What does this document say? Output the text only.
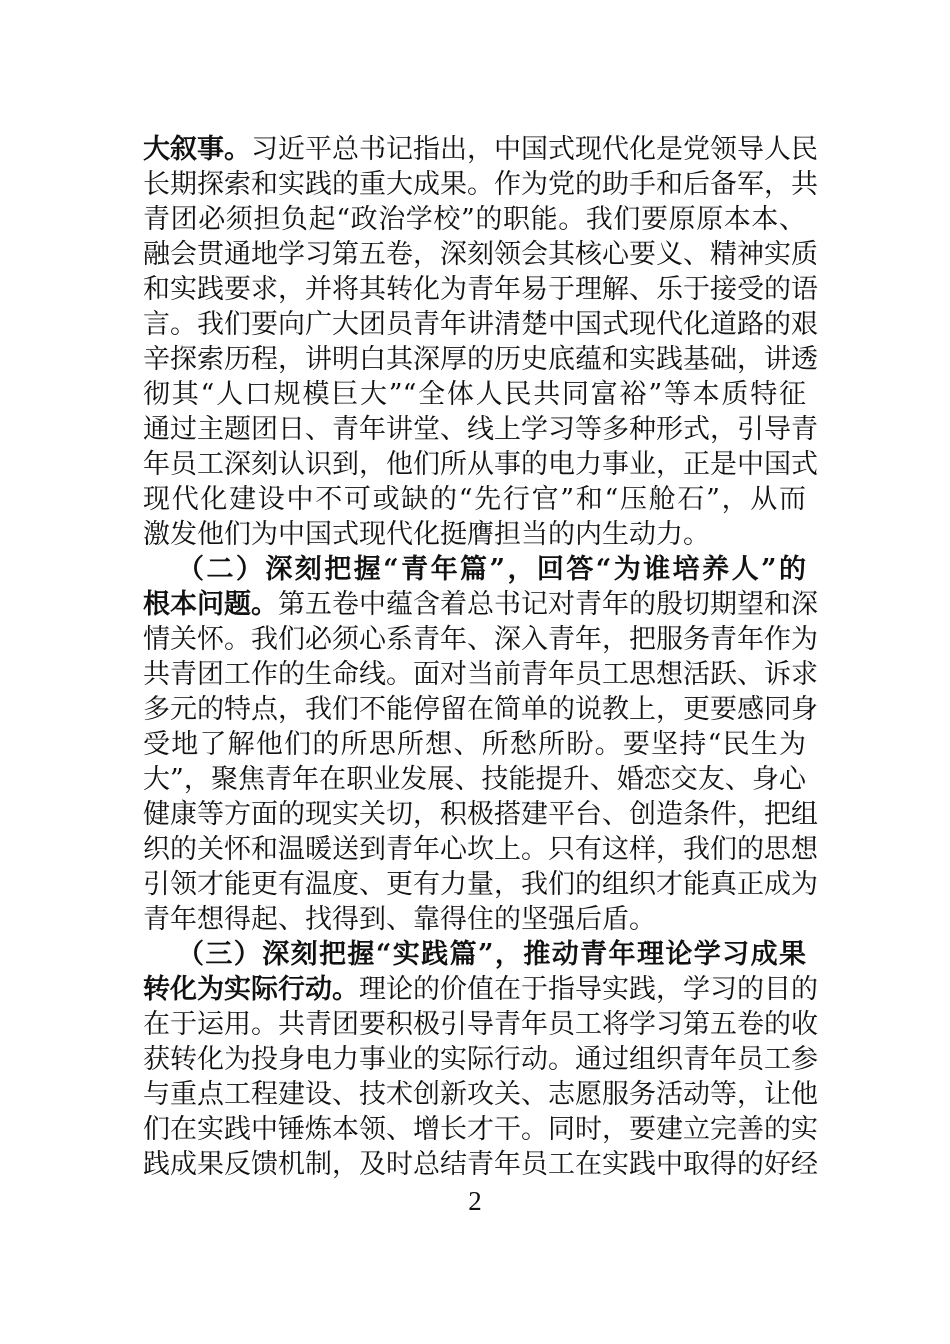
大叙事。习近平总书记指出，中国式现代化是党领导人民
长期探索和实践的重大成果。作为党的助手和后备军，共
青团必须担负起“政治学校”的职能。我们要原原本本、
融会贯通地学习第五卷，深刻领会其核心要义、精神实质
和实践要求，并将其转化为青年易于理解、乐于接受的语
言。我们要向广大团员青年讲清楚中国式现代化道路的艰
辛探索历程，讲明白其深厚的历史底蕴和实践基础，讲透
彻其“人口规模巨大”“全体人民共同富裕”等本质特征
通过主题团日、青年讲堂、线上学习等多种形式，引导青
年员工深刻认识到，他们所从事的电力事业，正是中国式
现代化建设中不可或缺的“先行官”和“压舱石”，从而
激发他们为中国式现代化挺膺担当的内生动力。
（二）深刻把握“青年篇”，回答“为谁培养人”的
根本问题。第五卷中蕴含着总书记对青年的殷切期望和深
情关怀。我们必须心系青年、深入青年，把服务青年作为
共青团工作的生命线。面对当前青年员工思想活跃、诉求
多元的特点，我们不能停留在简单的说教上，更要感同身
受地了解他们的所思所想、所愁所盼。要坚持“民生为
大”，聚焦青年在职业发展、技能提升、婚恋交友、身心
健康等方面的现实关切，积极搭建平台、创造条件，把组
织的关怀和温暖送到青年心坎上。只有这样，我们的思想
引领才能更有温度、更有力量，我们的组织才能真正成为
青年想得起、找得到、靠得住的坚强后盾。
（三）深刻把握“实践篇”，推动青年理论学习成果
转化为实际行动。理论的价值在于指导实践，学习的目的
在于运用。共青团要积极引导青年员工将学习第五卷的收
获转化为投身电力事业的实际行动。通过组织青年员工参
与重点工程建设、技术创新攻关、志愿服务活动等，让他
们在实践中锤炼本领、增长才干。同时，要建立完善的实
践成果反馈机制，及时总结青年员工在实践中取得的好经
2
